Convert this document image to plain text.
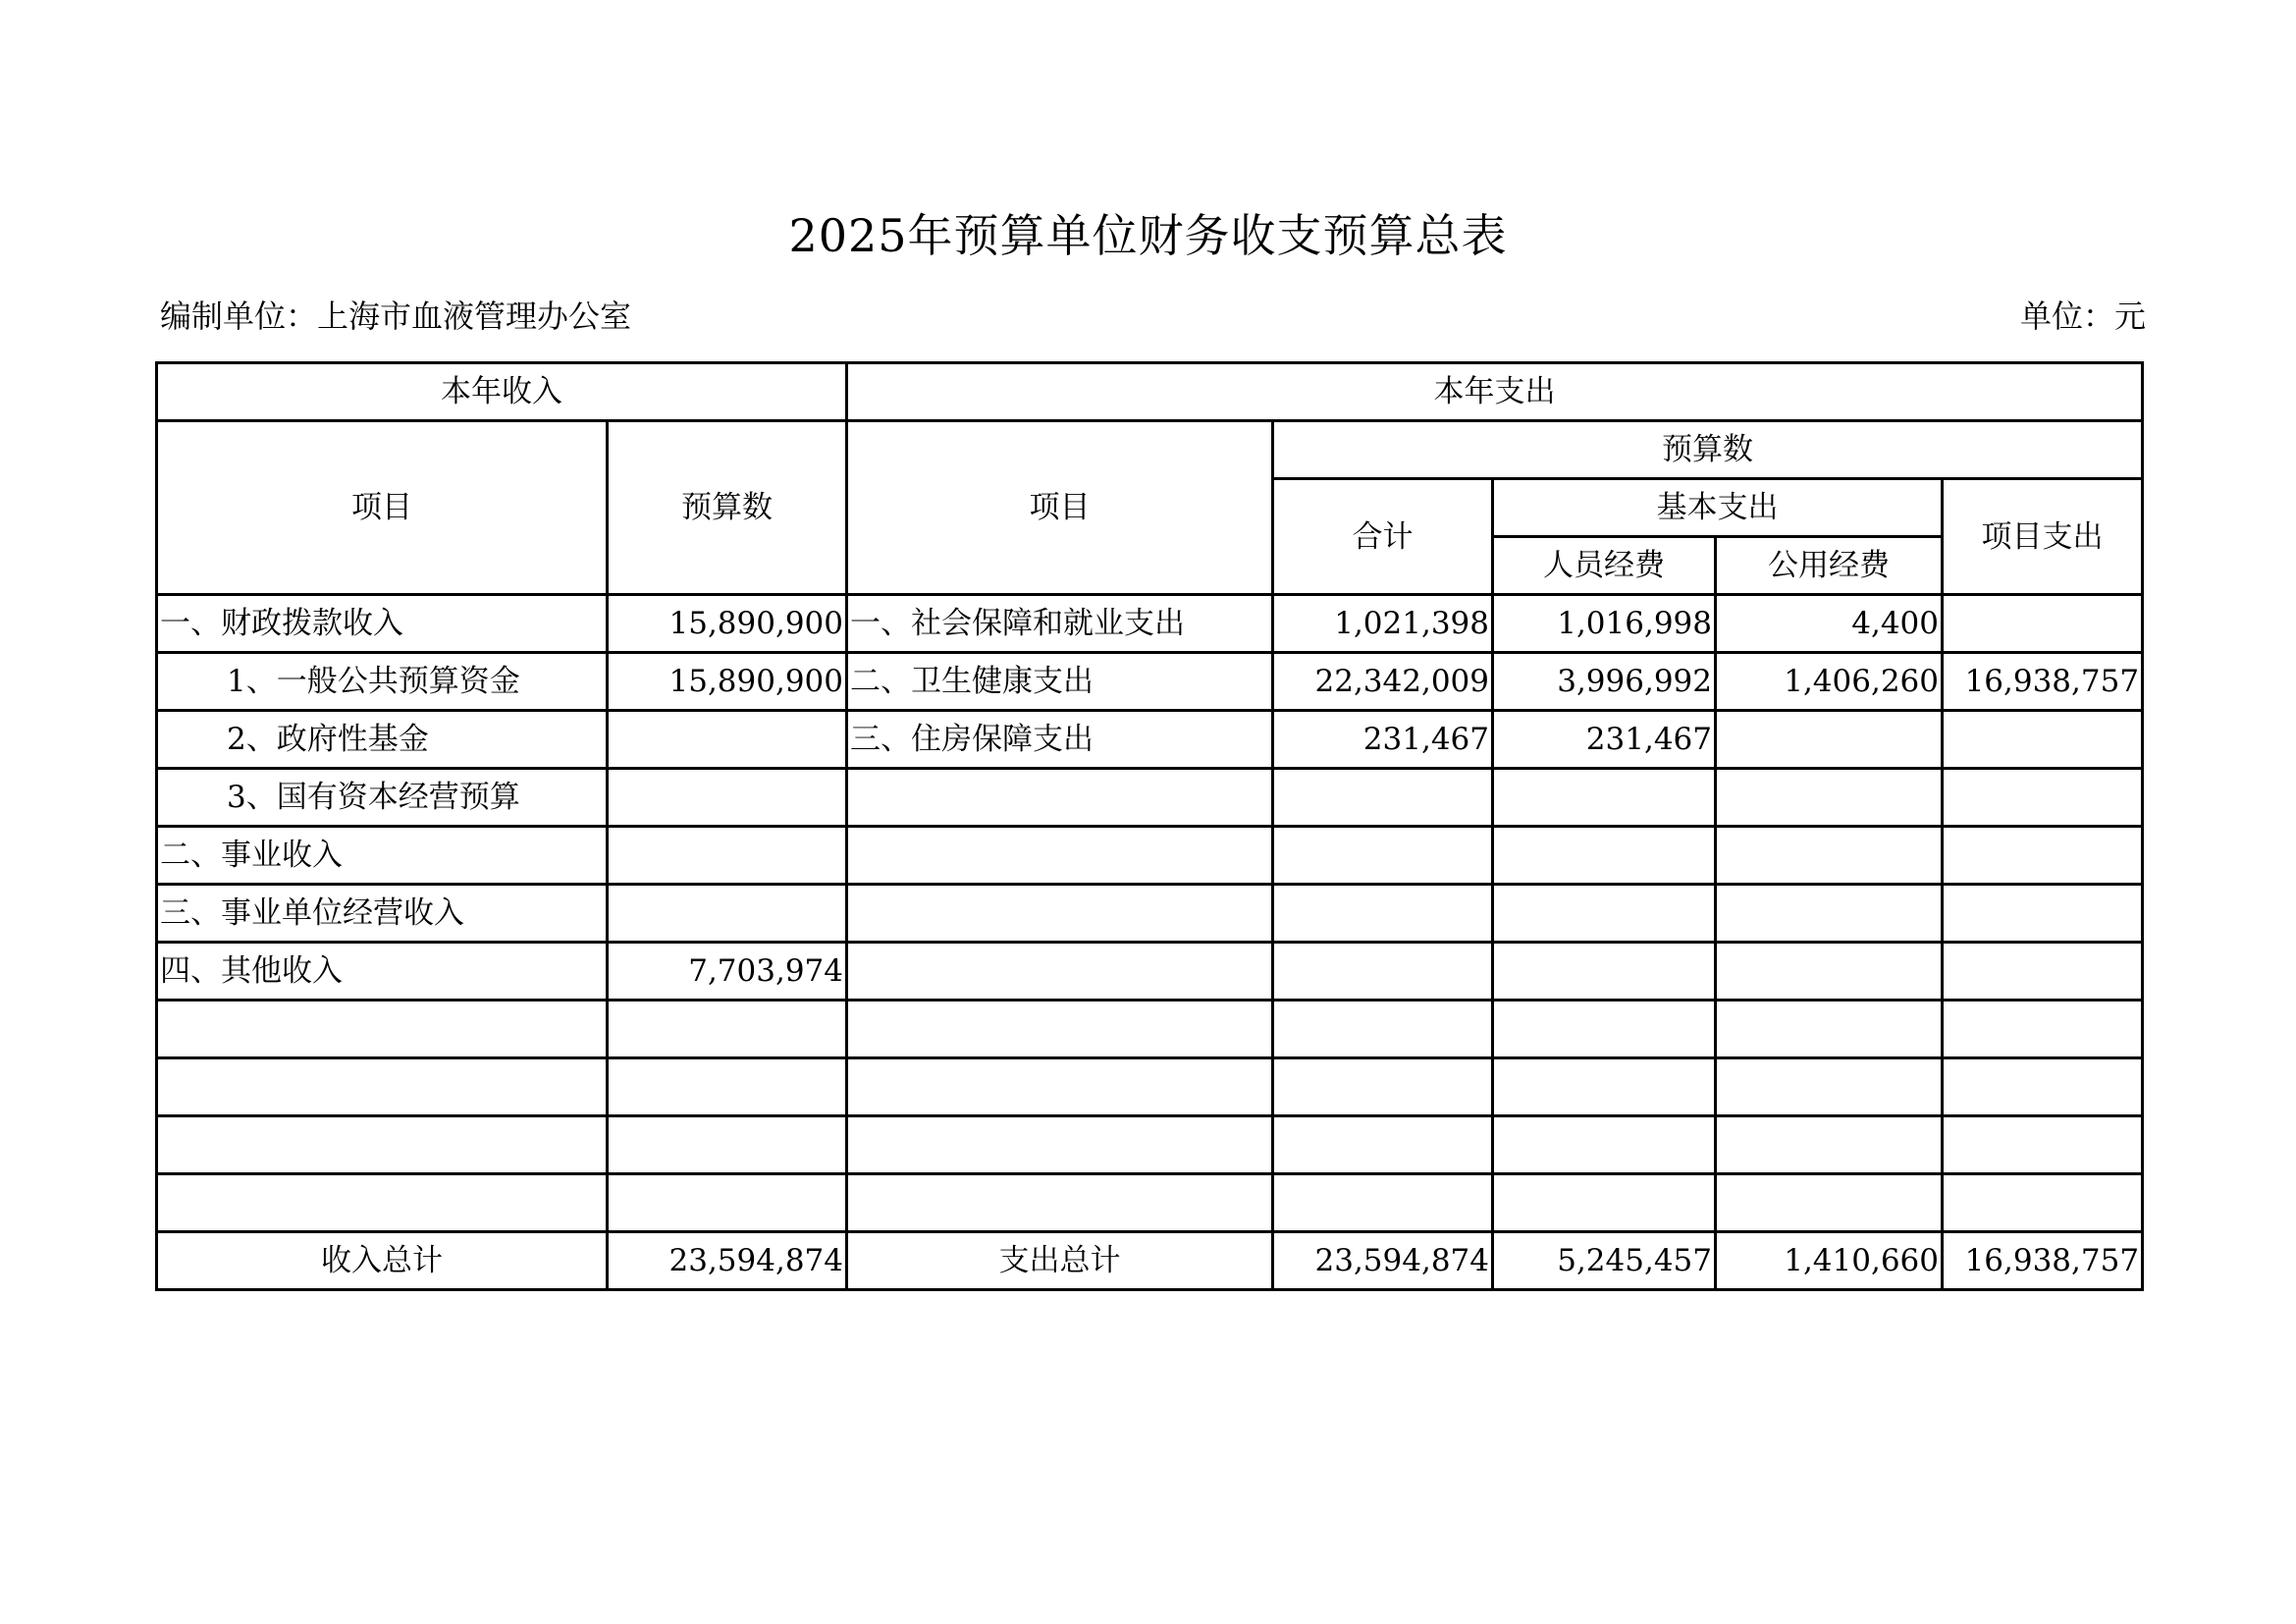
2025年预算单位财务收支预算总表
编制单位：上海市血液管理办公室	单位：元
本年收入		本年支出				
项目	预算数	项目	预算数			
			合计	基本支出		项目支出
				人员经费	公用经费	
一、财政拨款收入	15,890,900	一、社会保障和就业支出	1,021,398	1,016,998	4,400	
1、一般公共预算资金	15,890,900	二、卫生健康支出	22,342,009	3,996,992	1,406,260	16,938,757
2、政府性基金		三、住房保障支出	231,467	231,467		
3、国有资本经营预算						
二、事业收入						
三、事业单位经营收入						
四、其他收入	7,703,974					

收入总计	23,594,874	支出总计	23,594,874	5,245,457	1,410,660	16,938,757
